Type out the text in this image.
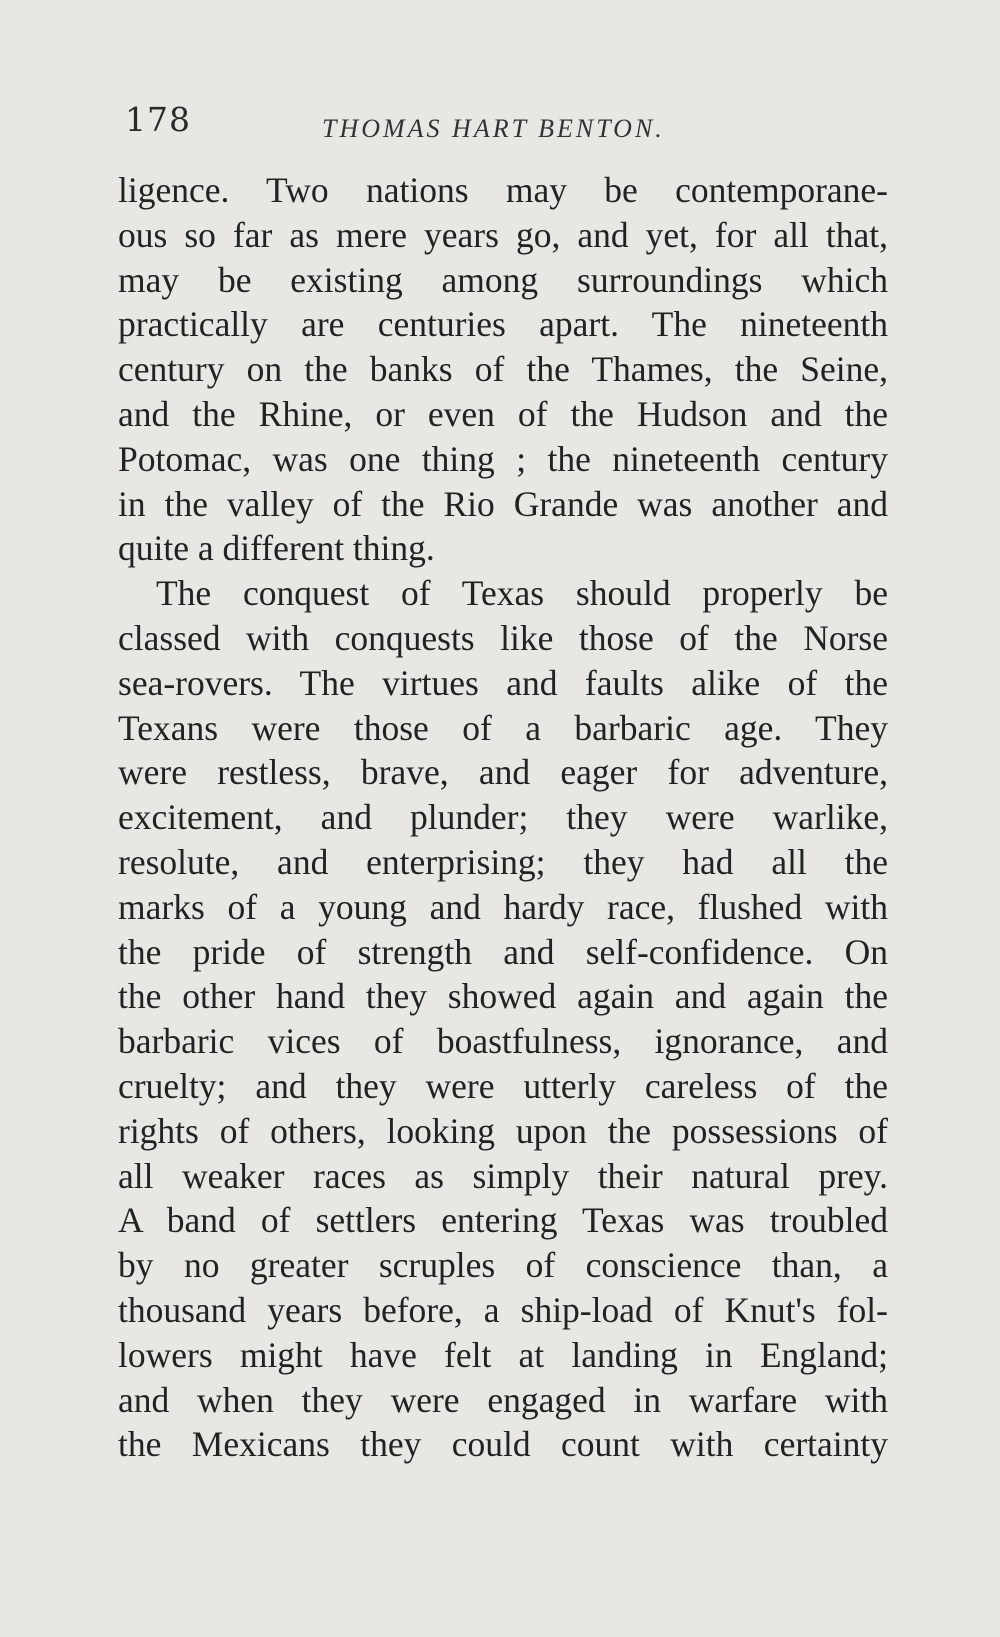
178	THOMAS HART BENTON.
ligence. Two nations may be contemporane-
ous so far as mere years go, and yet, for all that,
may be existing among surroundings which
practically are centuries apart. The nineteenth
century on the banks of the Thames, the Seine,
and the Rhine, or even of the Hudson and the
Potomac, was one thing ; the nineteenth century
in the valley of the Rio Grande was another and
quite a different thing.
The conquest of Texas should properly be
classed with conquests like those of the Norse
sea-rovers. The virtues and faults alike of the
Texans were those of a barbaric age. They
were restless, brave, and eager for adventure,
excitement, and plunder; they were warlike,
resolute, and enterprising; they had all the
marks of a young and hardy race, flushed with
the pride of strength and self-confidence. On
the other hand they showed again and again the
barbaric vices of boastfulness, ignorance, and
cruelty; and they were utterly careless of the
rights of others, looking upon the possessions of
all weaker races as simply their natural prey.
A band of settlers entering Texas was troubled
by no greater scruples of conscience than, a
thousand years before, a ship-load of Knut's fol-
lowers might have felt at landing in England;
and when they were engaged in warfare with
the Mexicans they could count with certainty
